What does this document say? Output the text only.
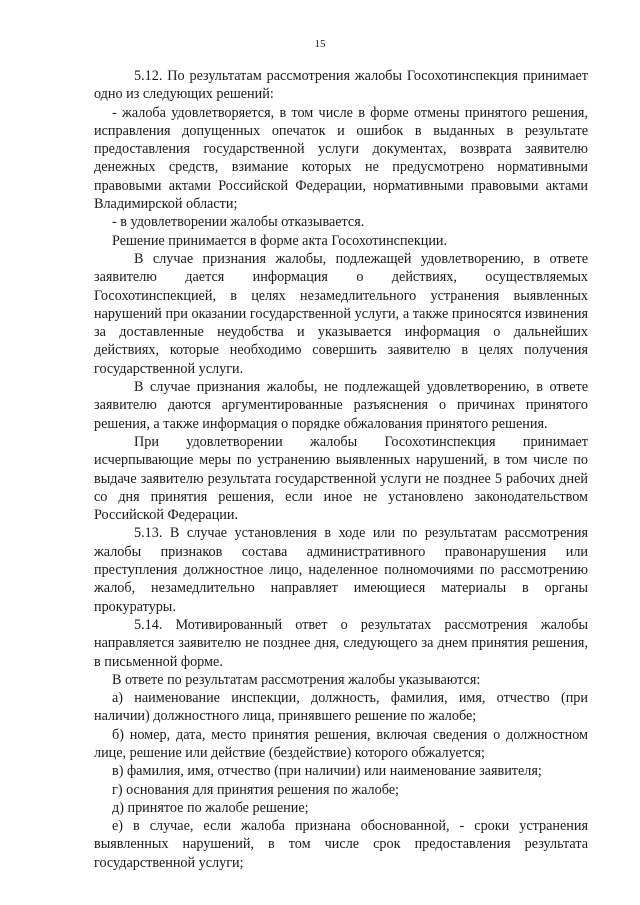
15

5.12. По результатам рассмотрения жалобы Госохотинспекция принимает одно из следующих решений:

- жалоба удовлетворяется, в том числе в форме отмены принятого решения, исправления допущенных опечаток и ошибок в выданных в результате предоставления государственной услуги документах, возврата заявителю денежных средств, взимание которых не предусмотрено нормативными правовыми актами Российской Федерации, нормативными правовыми актами Владимирской области;

- в удовлетворении жалобы отказывается.

Решение принимается в форме акта Госохотинспекции.

В случае признания жалобы, подлежащей удовлетворению, в ответе заявителю дается информация о действиях, осуществляемых Госохотинспекцией, в целях незамедлительного устранения выявленных нарушений при оказании государственной услуги, а также приносятся извинения за доставленные неудобства и указывается информация о дальнейших действиях, которые необходимо совершить заявителю в целях получения государственной услуги.

В случае признания жалобы, не подлежащей удовлетворению, в ответе заявителю даются аргументированные разъяснения о причинах принятого решения, а также информация о порядке обжалования принятого решения.

При удовлетворении жалобы Госохотинспекция принимает исчерпывающие меры по устранению выявленных нарушений, в том числе по выдаче заявителю результата государственной услуги не позднее 5 рабочих дней со дня принятия решения, если иное не установлено законодательством Российской Федерации.

5.13. В случае установления в ходе или по результатам рассмотрения жалобы признаков состава административного правонарушения или преступления должностное лицо, наделенное полномочиями по рассмотрению жалоб, незамедлительно направляет имеющиеся материалы в органы прокуратуры.

5.14. Мотивированный ответ о результатах рассмотрения жалобы направляется заявителю не позднее дня, следующего за днем принятия решения, в письменной форме.

В ответе по результатам рассмотрения жалобы указываются:

а) наименование инспекции, должность, фамилия, имя, отчество (при наличии) должностного лица, принявшего решение по жалобе;

б) номер, дата, место принятия решения, включая сведения о должностном лице, решение или действие (бездействие) которого обжалуется;

в) фамилия, имя, отчество (при наличии) или наименование заявителя;

г) основания для принятия решения по жалобе;

д) принятое по жалобе решение;

е) в случае, если жалоба признана обоснованной, - сроки устранения выявленных нарушений, в том числе срок предоставления результата государственной услуги;
